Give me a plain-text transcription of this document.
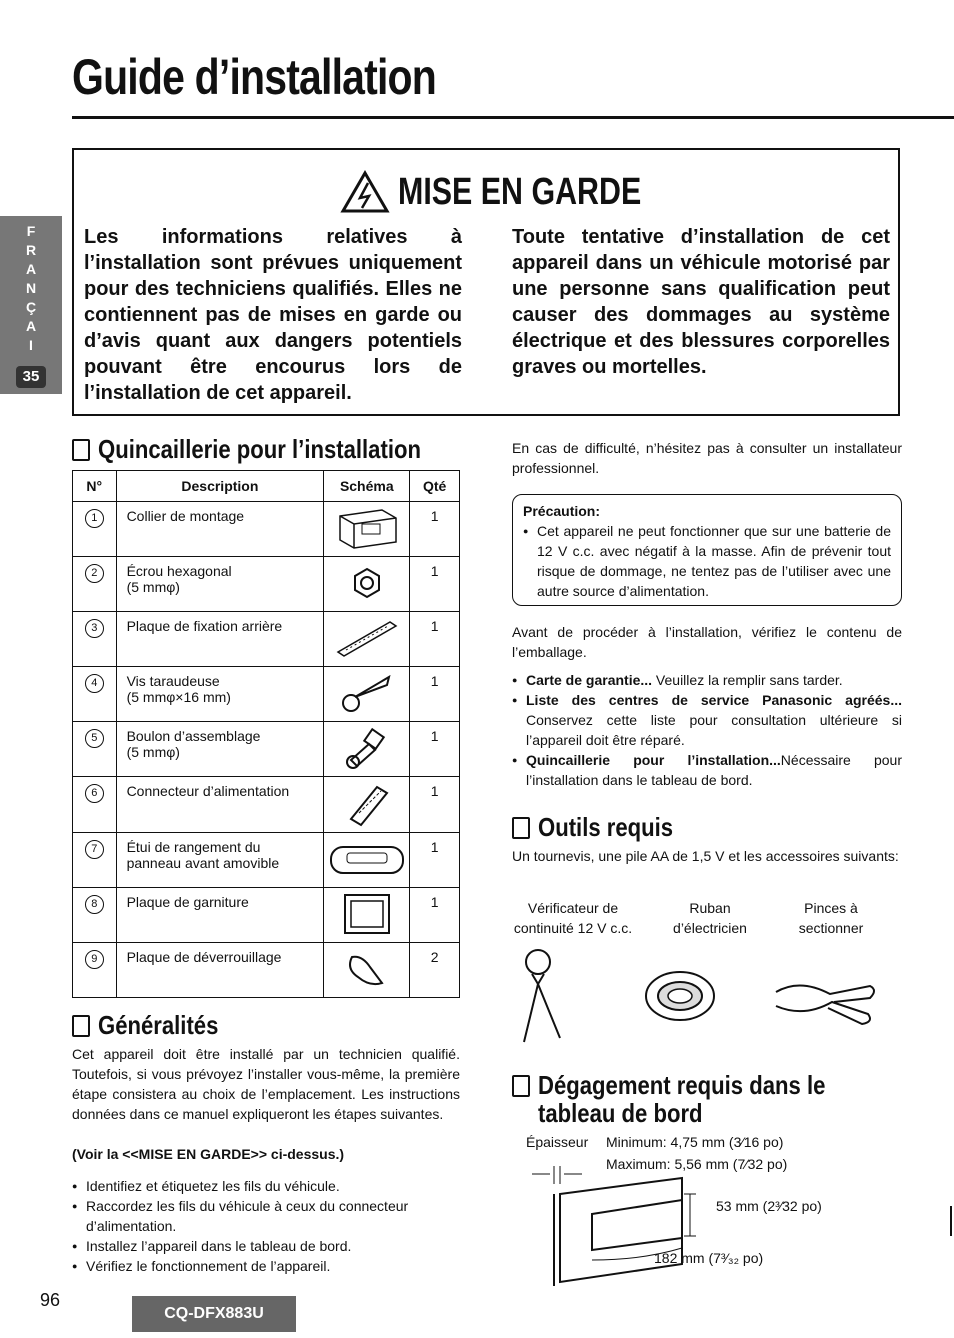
Guide d’installation
F
R
A
N
Ç
A
I
35
MISE EN GARDE
Les informations relatives à l’installation sont prévues uniquement pour des techniciens qualifiés. Elles ne contiennent pas de mises en garde ou d’avis quant aux dangers potentiels pouvant être encourus lors de l’installation de cet appareil.
Toute tentative d’installation de cet appareil dans un véhicule motorisé par une personne sans qualification peut causer des dommages au système électrique et des blessures corporelles graves ou mortelles.
Quincaillerie pour l’installation
N°	Description	Schéma	Qté
1	Collier de montage		1
2	Écrou hexagonal
(5 mmφ)		1
3	Plaque de fixation arrière		1
4	Vis taraudeuse
(5 mmφ×16 mm)		1
5	Boulon d’assemblage
(5 mmφ)		1
6	Connecteur d’alimentation		1
7	Étui de rangement du
panneau avant amovible		1
8	Plaque de garniture		1
9	Plaque de déverrouillage		2
Généralités
Cet appareil doit être installé par un technicien qualifié. Toutefois, si vous prévoyez l’installer vous-même, la première étape consistera au choix de l’emplacement. Les instructions données dans ce manuel expliqueront les étapes suivantes.
(Voir la <<MISE EN GARDE>> ci-dessus.)
● Identifiez et étiquetez les fils du véhicule.
● Raccordez les fils du véhicule à ceux du connecteur d’alimentation.
● Installez l’appareil dans le tableau de bord.
● Vérifiez le fonctionnement de l’appareil.
En cas de difficulté, n’hésitez pas à consulter un installateur professionnel.
Précaution:
● Cet appareil ne peut fonctionner que sur une batterie de 12 V c.c. avec négatif à la masse. Afin de prévenir tout risque de dommage, ne tentez pas de l’utiliser avec une autre source d’alimentation.
Avant de procéder à l’installation, vérifiez le contenu de l’emballage.
● Carte de garantie... Veuillez la remplir sans tarder.
● Liste des centres de service Panasonic agréés... Conservez cette liste pour consultation ultérieure si l’appareil doit être réparé.
● Quincaillerie pour l’installation...Nécessaire pour l’installation dans le tableau de bord.
Outils requis
Un tournevis, une pile AA de 1,5 V et les accessoires suivants:
Vérificateur de
continuité 12 V c.c.
Ruban
d’électricien
Pinces à
sectionner
Dégagement requis dans le
tableau de bord
Épaisseur Minimum: 4,75 mm (3⁄16 po)
Maximum: 5,56 mm (7⁄32 po)
53 mm (2³⁄32 po)
182 mm (7³⁄₃₂ po)
96
CQ-DFX883U
